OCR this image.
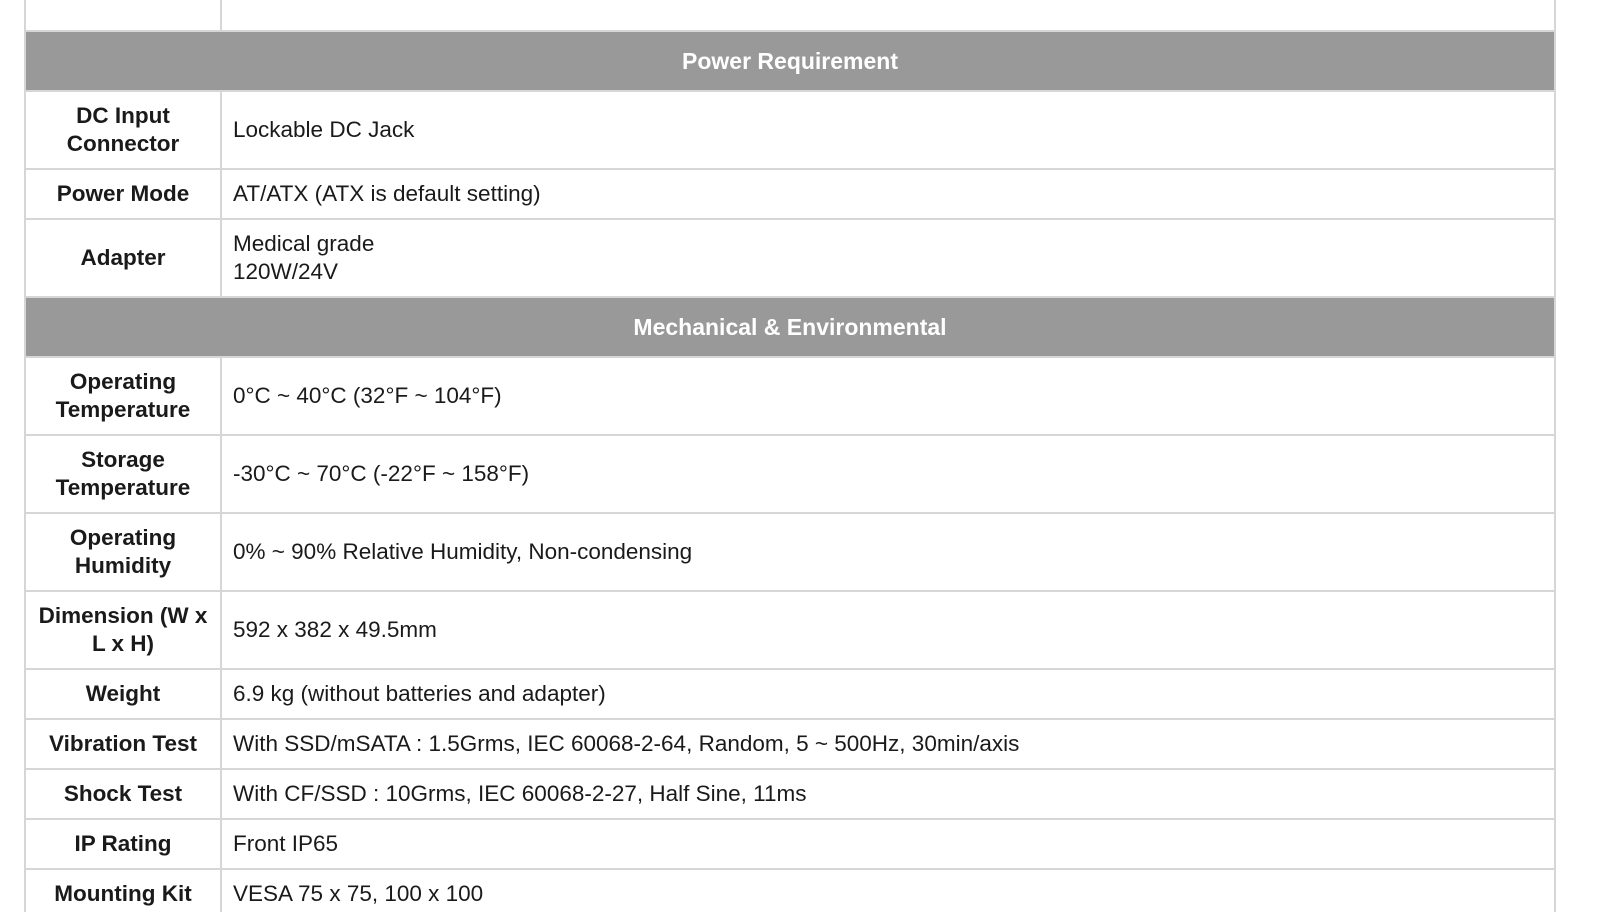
Power Requirement	
DC Input Connector	Lockable DC Jack

Power Mode	AT/ATX (ATX is default setting)

Adapter	Medical grade
120W/24V

Mechanical & Environmental	
Operating Temperature	0°C ~ 40°C (32°F ~ 104°F)

Storage Temperature	-30°C ~ 70°C (-22°F ~ 158°F)

Operating Humidity	0% ~ 90% Relative Humidity, Non-condensing

Dimension (W x L x H)	592 x 382 x 49.5mm

Weight	6.9 kg (without batteries and adapter)

Vibration Test	With SSD/mSATA : 1.5Grms, IEC 60068-2-64, Random, 5 ~ 500Hz, 30min/axis

Shock Test	With CF/SSD : 10Grms, IEC 60068-2-27, Half Sine, 11ms

IP Rating	Front IP65

Mounting Kit	VESA 75 x 75, 100 x 100
